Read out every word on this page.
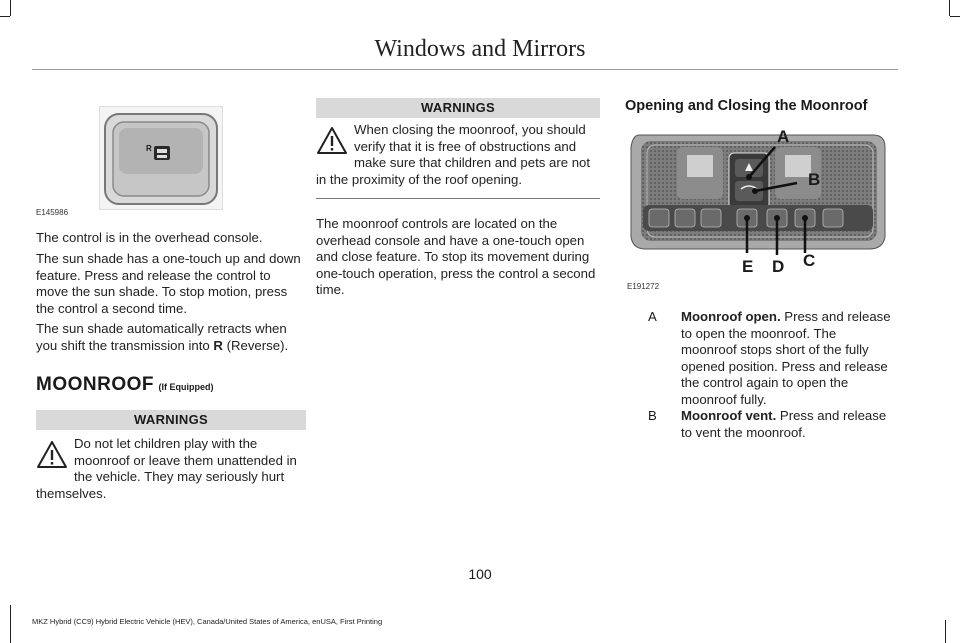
Windows and Mirrors
R
E145986

The control is in the overhead console.

The sun shade has a one-touch up and down feature. Press and release the control to move the sun shade. To stop motion, press the control a second time.

The sun shade automatically retracts when you shift the transmission into R (Reverse).

MOONROOF (If Equipped)
WARNINGS

Do not let children play with the moonroof or leave them unattended in the vehicle. They may seriously hurt themselves.

WARNINGS

When closing the moonroof, you should verify that it is free of obstructions and make sure that children and pets are not in the proximity of the roof opening.

The moonroof controls are located on the overhead console and have a one-touch open and close feature. To stop its movement during one-touch operation, press the control a second time.

Opening and Closing the Moonroof
A
B
C
D
E
E191272
A Moonroof open. Press and release to open the moonroof. The moonroof stops short of the fully opened position. Press and release the control again to open the moonroof fully.

B Moonroof vent. Press and release to vent the moonroof.

100
MKZ Hybrid (CC9) Hybrid Electric Vehicle (HEV), Canada/United States of America, enUSA, First Printing
